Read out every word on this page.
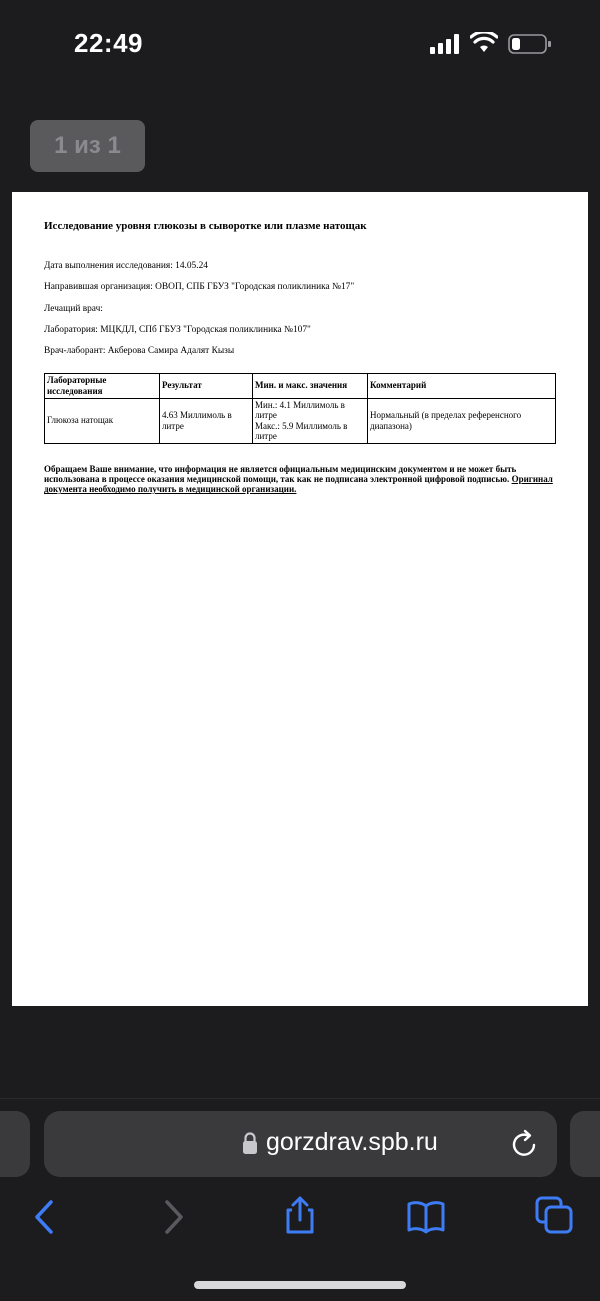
22:49
1 из 1
Исследование уровня глюкозы в сыворотке или плазме натощак
Дата выполнения исследования: 14.05.24
Направившая организация: ОВОП, СПБ ГБУЗ "Городская поликлиника №17"
Лечащий врач:
Лаборатория: МЦКДЛ, СПб ГБУЗ "Городская поликлиника №107"
Врач-лаборант: Акберова Самира Адалят Кызы
Лабораторные исследования	Результат	Мин. и макс. значения	Комментарий
Глюкоза натощак	4.63 Миллимоль в литре	Мин.: 4.1 Миллимоль в литре
Макс.: 5.9 Миллимоль в литре	Нормальный (в пределах референсного диапазона)
Обращаем Ваше внимание, что информация не является официальным медицинским документом и не может быть использована в процессе оказания медицинской помощи, так как не подписана электронной цифровой подписью. Оригинал документа необходимо получить в медицинской организации.
gorzdrav.spb.ru
